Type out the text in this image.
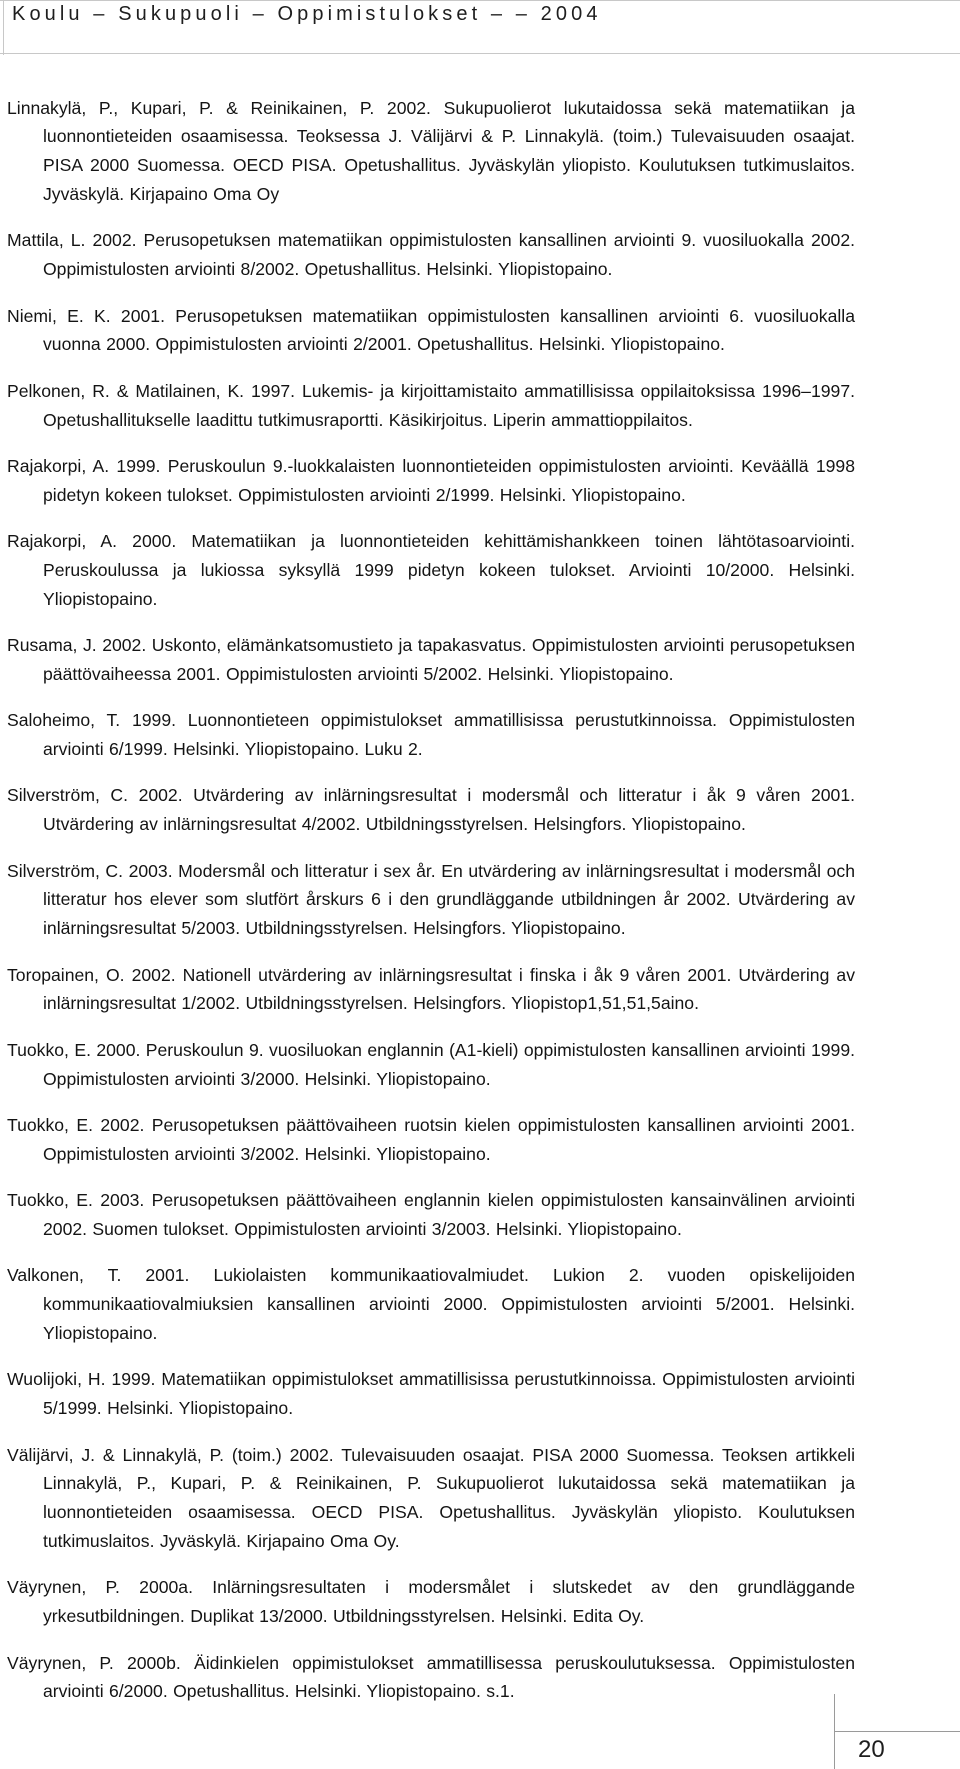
Koulu – Sukupuoli – Oppimistulokset – – 2004

Linnakylä, P., Kupari, P. & Reinikainen, P. 2002. Sukupuolierot lukutaidossa sekä matematiikan ja luonnontieteiden osaamisessa. Teoksessa J. Välijärvi & P. Linnakylä. (toim.) Tulevaisuuden osaajat. PISA 2000 Suomessa. OECD PISA. Opetushallitus. Jyväskylän yliopisto. Koulutuksen tutkimuslaitos. Jyväskylä. Kirjapaino Oma Oy

Mattila, L. 2002. Perusopetuksen matematiikan oppimistulosten kansallinen arviointi 9. vuosiluokalla 2002. Oppimistulosten arviointi 8/2002. Opetushallitus. Helsinki. Yliopistopaino.

Niemi, E. K. 2001. Perusopetuksen matematiikan oppimistulosten kansallinen arviointi 6. vuosiluokalla vuonna 2000. Oppimistulosten arviointi 2/2001. Opetushallitus. Helsinki. Yliopistopaino.

Pelkonen, R. & Matilainen, K. 1997. Lukemis- ja kirjoittamistaito ammatillisissa oppilaitoksissa 1996–1997. Opetushallitukselle laadittu tutkimusraportti. Käsikirjoitus. Liperin ammattioppilaitos.

Rajakorpi, A. 1999. Peruskoulun 9.-luokkalaisten luonnontieteiden oppimistulosten arviointi. Keväällä 1998 pidetyn kokeen tulokset. Oppimistulosten arviointi 2/1999. Helsinki. Yliopistopaino.

Rajakorpi, A. 2000. Matematiikan ja luonnontieteiden kehittämishankkeen toinen lähtötasoarviointi. Peruskoulussa ja lukiossa syksyllä 1999 pidetyn kokeen tulokset. Arviointi 10/2000. Helsinki. Yliopistopaino.

Rusama, J. 2002. Uskonto, elämänkatsomustieto ja tapakasvatus. Oppimistulosten arviointi perusopetuksen päättövaiheessa 2001. Oppimistulosten arviointi 5/2002. Helsinki. Yliopistopaino.

Saloheimo, T. 1999. Luonnontieteen oppimistulokset ammatillisissa perustutkinnoissa. Oppimistulosten arviointi 6/1999. Helsinki. Yliopistopaino. Luku 2.

Silverström, C. 2002. Utvärdering av inlärningsresultat i modersmål och litteratur i åk 9 våren 2001. Utvärdering av inlärningsresultat 4/2002. Utbildningsstyrelsen. Helsingfors. Yliopistopaino.

Silverström, C. 2003. Modersmål och litteratur i sex år. En utvärdering av inlärningsresultat i modersmål och litteratur hos elever som slutfört årskurs 6 i den grundläggande utbildningen år 2002. Utvärdering av inlärningsresultat 5/2003. Utbildningsstyrelsen. Helsingfors. Yliopistopaino.

Toropainen, O. 2002. Nationell utvärdering av inlärningsresultat i finska i åk 9 våren 2001. Utvärdering av inlärningsresultat 1/2002. Utbildningsstyrelsen. Helsingfors. Yliopistop1,51,51,5aino.

Tuokko, E. 2000. Peruskoulun 9. vuosiluokan englannin (A1-kieli) oppimistulosten kansallinen arviointi 1999. Oppimistulosten arviointi 3/2000. Helsinki. Yliopistopaino.

Tuokko, E. 2002. Perusopetuksen päättövaiheen ruotsin kielen oppimistulosten kansallinen arviointi 2001. Oppimistulosten arviointi 3/2002. Helsinki. Yliopistopaino.

Tuokko, E. 2003. Perusopetuksen päättövaiheen englannin kielen oppimistulosten kansainvälinen arviointi 2002. Suomen tulokset. Oppimistulosten arviointi 3/2003. Helsinki. Yliopistopaino.

Valkonen, T. 2001. Lukiolaisten kommunikaatiovalmiudet. Lukion 2. vuoden opiskelijoiden kommunikaatiovalmiuksien kansallinen arviointi 2000. Oppimistulosten arviointi 5/2001. Helsinki. Yliopistopaino.

Wuolijoki, H. 1999. Matematiikan oppimistulokset ammatillisissa perustutkinnoissa. Oppimistulosten arviointi 5/1999. Helsinki. Yliopistopaino.

Välijärvi, J. & Linnakylä, P. (toim.) 2002. Tulevaisuuden osaajat. PISA 2000 Suomessa. Teoksen artikkeli Linnakylä, P., Kupari, P. & Reinikainen, P. Sukupuolierot lukutaidossa sekä matematiikan ja luonnontieteiden osaamisessa. OECD PISA. Opetushallitus. Jyväskylän yliopisto. Koulutuksen tutkimuslaitos. Jyväskylä. Kirjapaino Oma Oy.

Väyrynen, P. 2000a. Inlärningsresultaten i modersmålet i slutskedet av den grundläggande yrkesutbildningen. Duplikat 13/2000. Utbildningsstyrelsen. Helsinki. Edita Oy.

Väyrynen, P. 2000b. Äidinkielen oppimistulokset ammatillisessa peruskoulutuksessa. Oppimistulosten arviointi 6/2000. Opetushallitus. Helsinki. Yliopistopaino. s.1.

20
